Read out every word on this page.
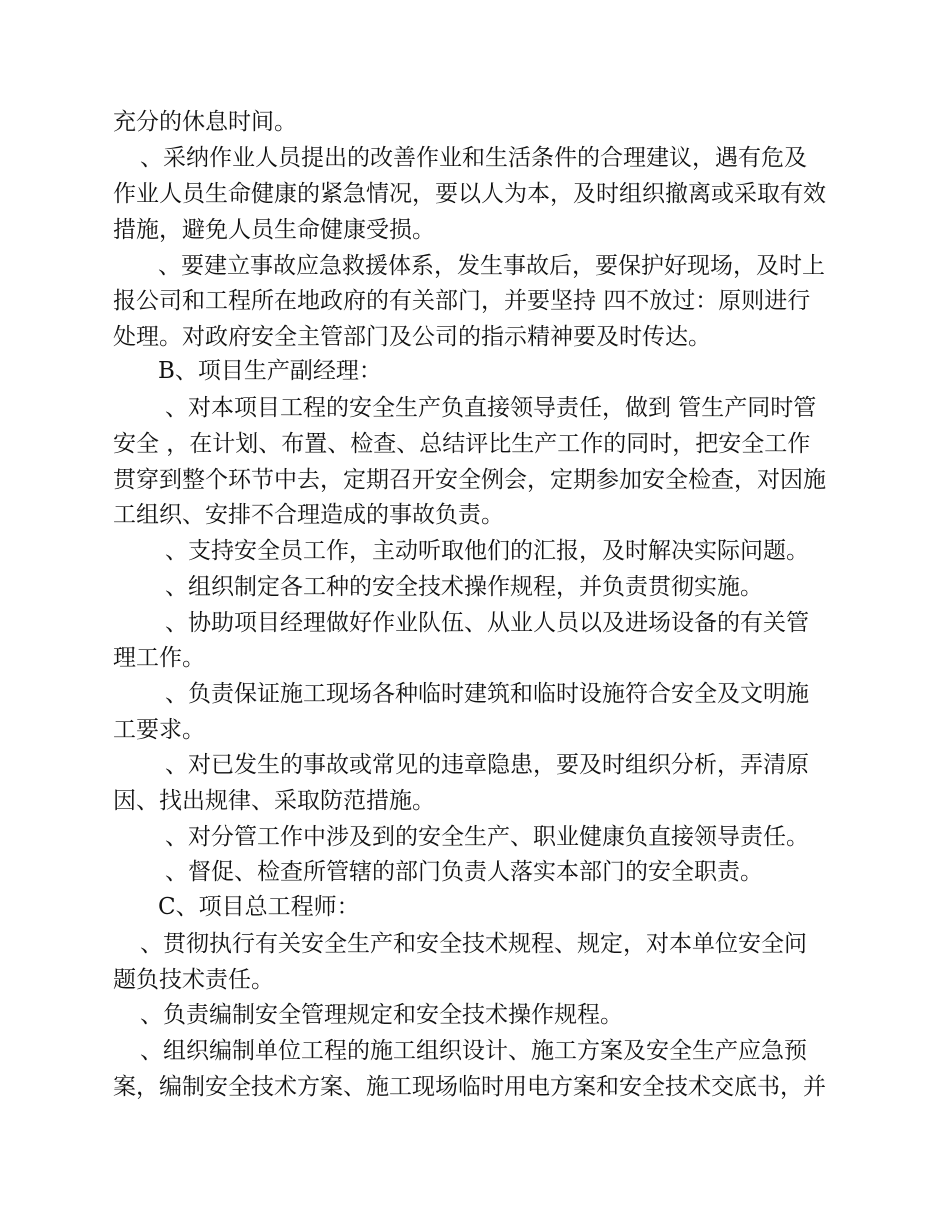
充分的休息时间。
、采纳作业人员提出的改善作业和生活条件的合理建议，遇有危及
作业人员生命健康的紧急情况，要以人为本，及时组织撤离或采取有效
措施，避免人员生命健康受损。
、要建立事故应急救援体系，发生事故后，要保护好现场，及时上
报公司和工程所在地政府的有关部门，并要坚持 四不放过：原则进行
处理。对政府安全主管部门及公司的指示精神要及时传达。
B、项目生产副经理：
、对本项目工程的安全生产负直接领导责任，做到 管生产同时管
安全 ，在计划、布置、检查、总结评比生产工作的同时，把安全工作
贯穿到整个环节中去，定期召开安全例会，定期参加安全检查，对因施
工组织、安排不合理造成的事故负责。
、支持安全员工作，主动听取他们的汇报，及时解决实际问题。
、组织制定各工种的安全技术操作规程，并负责贯彻实施。
、协助项目经理做好作业队伍、从业人员以及进场设备的有关管
理工作。
、负责保证施工现场各种临时建筑和临时设施符合安全及文明施
工要求。
、对已发生的事故或常见的违章隐患，要及时组织分析，弄清原
因、找出规律、采取防范措施。
、对分管工作中涉及到的安全生产、职业健康负直接领导责任。
、督促、检查所管辖的部门负责人落实本部门的安全职责。
C、项目总工程师：
、贯彻执行有关安全生产和安全技术规程、规定，对本单位安全问
题负技术责任。
、负责编制安全管理规定和安全技术操作规程。
、组织编制单位工程的施工组织设计、施工方案及安全生产应急预
案，编制安全技术方案、施工现场临时用电方案和安全技术交底书，并
